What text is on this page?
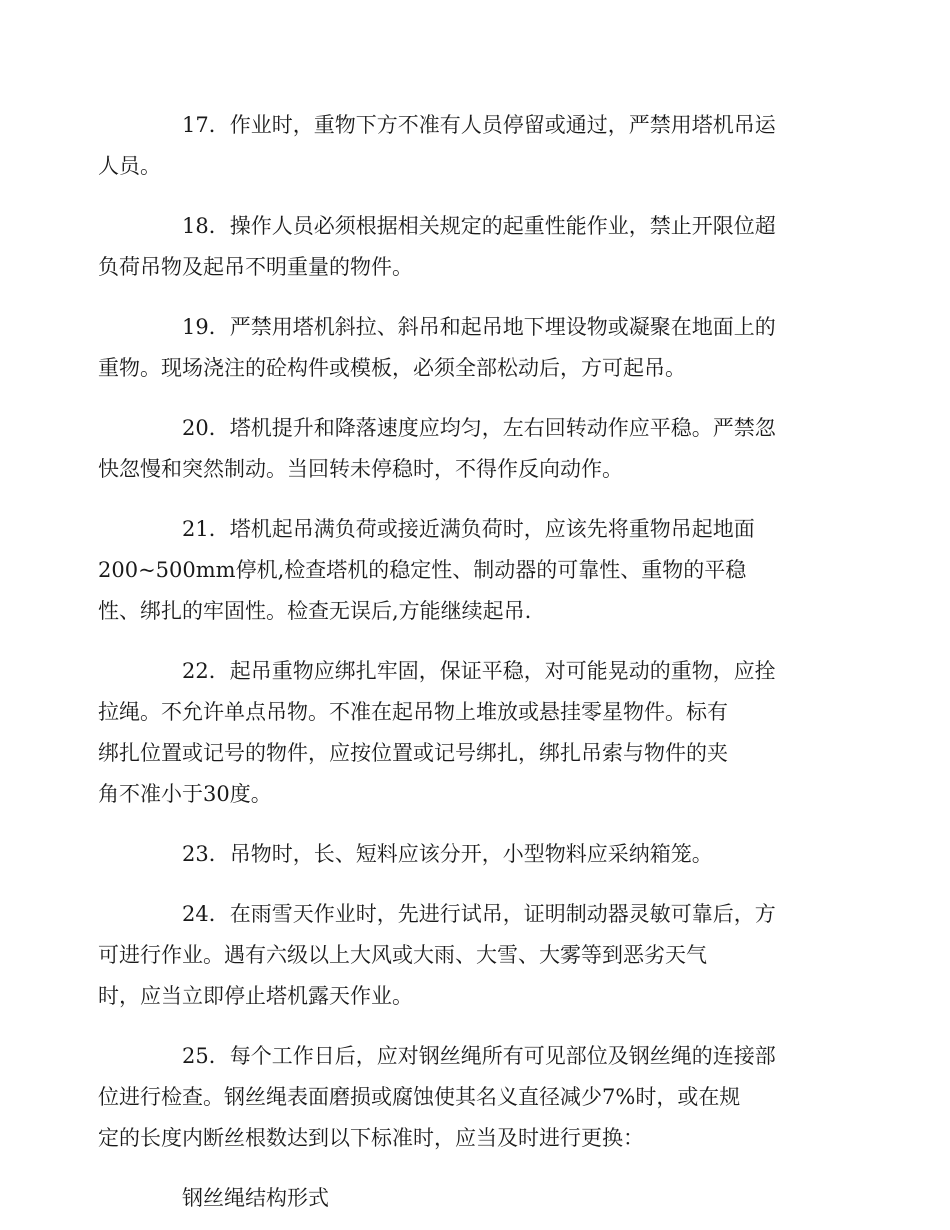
17．作业时，重物下方不准有人员停留或通过，严禁用塔机吊运
人员。

18．操作人员必须根据相关规定的起重性能作业，禁止开限位超
负荷吊物及起吊不明重量的物件。

19．严禁用塔机斜拉、斜吊和起吊地下埋设物或凝聚在地面上的
重物。现场浇注的砼构件或模板，必须全部松动后，方可起吊。

20．塔机提升和降落速度应均匀，左右回转动作应平稳。严禁忽
快忽慢和突然制动。当回转未停稳时，不得作反向动作。

21．塔机起吊满负荷或接近满负荷时，应该先将重物吊起地面
200~500mm停机,检查塔机的稳定性、制动器的可靠性、重物的平稳
性、绑扎的牢固性。检查无误后,方能继续起吊.

22．起吊重物应绑扎牢固，保证平稳，对可能晃动的重物，应拴
拉绳。不允许单点吊物。不准在起吊物上堆放或悬挂零星物件。标有
绑扎位置或记号的物件，应按位置或记号绑扎，绑扎吊索与物件的夹
角不准小于30度。

23．吊物时，长、短料应该分开，小型物料应采纳箱笼。

24．在雨雪天作业时，先进行试吊，证明制动器灵敏可靠后，方
可进行作业。遇有六级以上大风或大雨、大雪、大雾等到恶劣天气
时，应当立即停止塔机露天作业。

25．每个工作日后，应对钢丝绳所有可见部位及钢丝绳的连接部
位进行检查。钢丝绳表面磨损或腐蚀使其名义直径减少7%时，或在规
定的长度内断丝根数达到以下标准时，应当及时进行更换：

钢丝绳结构形式
